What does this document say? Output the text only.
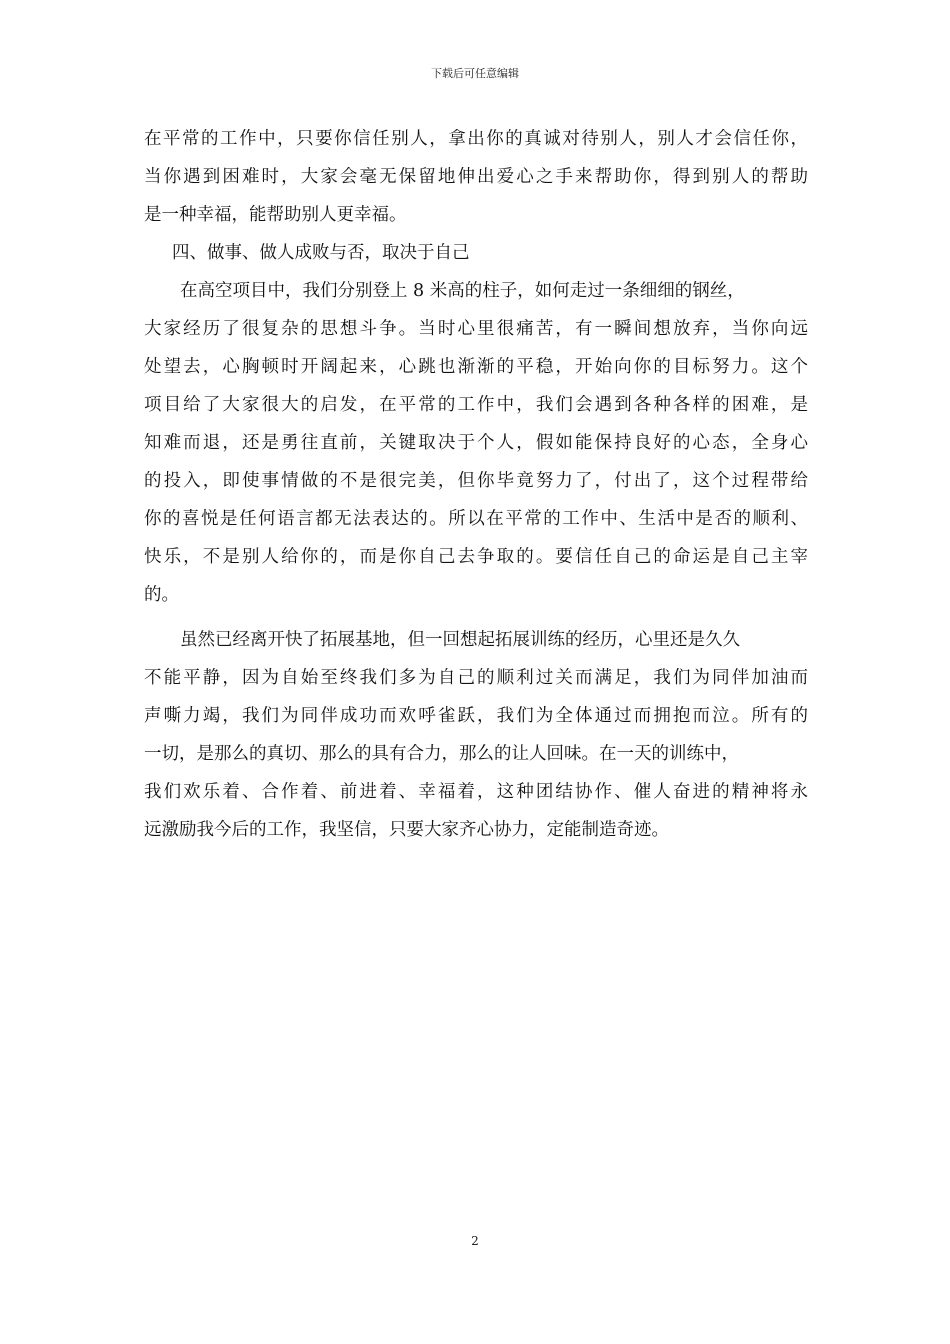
下载后可任意编辑
在平常的工作中，只要你信任别人，拿出你的真诚对待别人，别人才会信任你，
当你遇到困难时，大家会毫无保留地伸出爱心之手来帮助你，得到别人的帮助
是一种幸福，能帮助别人更幸福。
四、做事、做人成败与否，取决于自己
在高空项目中，我们分别登上 8 米高的柱子，如何走过一条细细的钢丝，
大家经历了很复杂的思想斗争。当时心里很痛苦，有一瞬间想放弃，当你向远
处望去，心胸顿时开阔起来，心跳也渐渐的平稳，开始向你的目标努力。这个
项目给了大家很大的启发，在平常的工作中，我们会遇到各种各样的困难，是
知难而退，还是勇往直前，关键取决于个人，假如能保持良好的心态，全身心
的投入，即使事情做的不是很完美，但你毕竟努力了，付出了，这个过程带给
你的喜悦是任何语言都无法表达的。所以在平常的工作中、生活中是否的顺利、
快乐，不是别人给你的，而是你自己去争取的。要信任自己的命运是自己主宰
的。
虽然已经离开快了拓展基地，但一回想起拓展训练的经历，心里还是久久
不能平静，因为自始至终我们多为自己的顺利过关而满足，我们为同伴加油而
声嘶力竭，我们为同伴成功而欢呼雀跃，我们为全体通过而拥抱而泣。所有的
一切，是那么的真切、那么的具有合力，那么的让人回味。在一天的训练中，
我们欢乐着、合作着、前进着、幸福着，这种团结协作、催人奋进的精神将永
远激励我今后的工作，我坚信，只要大家齐心协力，定能制造奇迹。
2
